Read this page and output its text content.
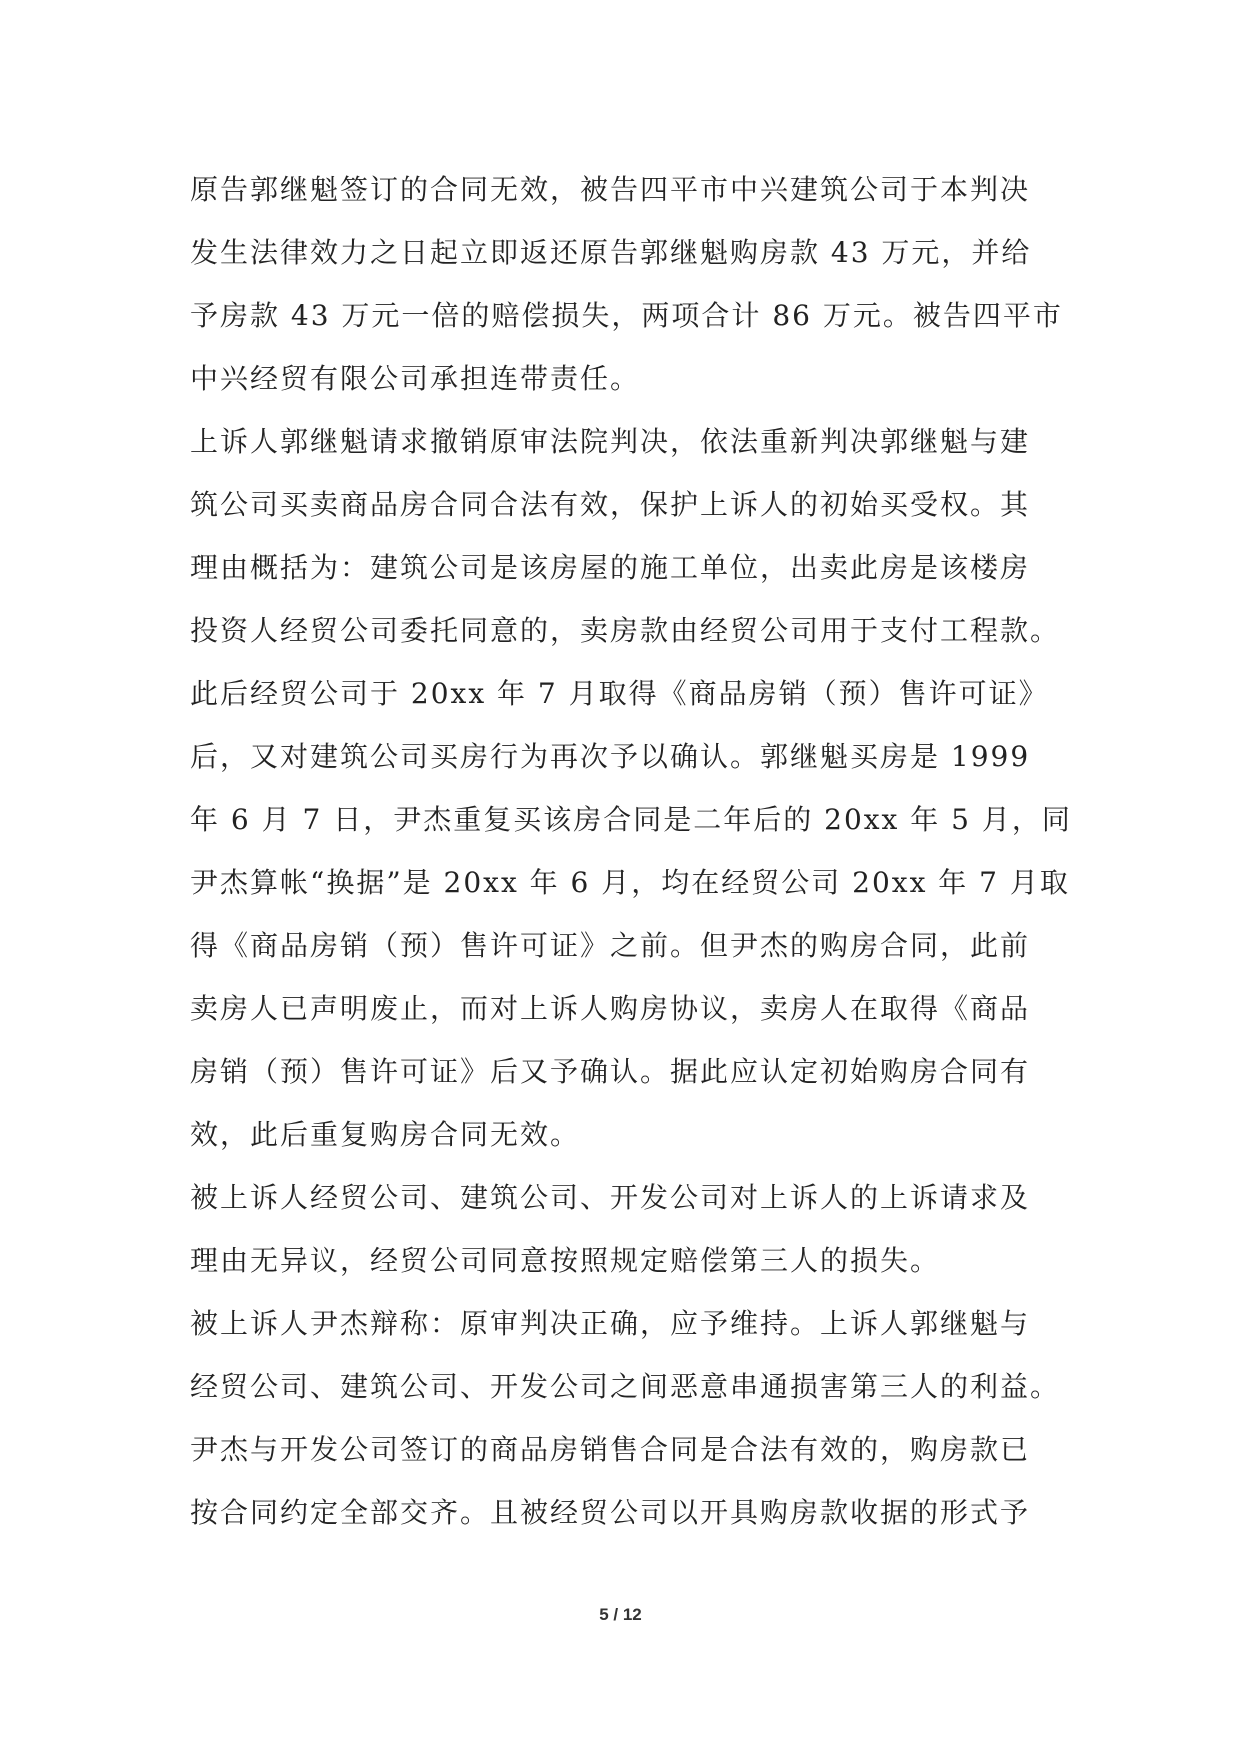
原告郭继魁签订的合同无效，被告四平市中兴建筑公司于本判决
发生法律效力之日起立即返还原告郭继魁购房款 43 万元，并给
予房款 43 万元一倍的赔偿损失，两项合计 86 万元。被告四平市
中兴经贸有限公司承担连带责任。
上诉人郭继魁请求撤销原审法院判决，依法重新判决郭继魁与建
筑公司买卖商品房合同合法有效，保护上诉人的初始买受权。其
理由概括为：建筑公司是该房屋的施工单位，出卖此房是该楼房
投资人经贸公司委托同意的，卖房款由经贸公司用于支付工程款。
此后经贸公司于 20xx 年 7 月取得《商品房销（预）售许可证》
后，又对建筑公司买房行为再次予以确认。郭继魁买房是 1999
年 6 月 7 日，尹杰重复买该房合同是二年后的 20xx 年 5 月，同
尹杰算帐“换据”是 20xx 年 6 月，均在经贸公司 20xx 年 7 月取
得《商品房销（预）售许可证》之前。但尹杰的购房合同，此前
卖房人已声明废止，而对上诉人购房协议，卖房人在取得《商品
房销（预）售许可证》后又予确认。据此应认定初始购房合同有
效，此后重复购房合同无效。
被上诉人经贸公司、建筑公司、开发公司对上诉人的上诉请求及
理由无异议，经贸公司同意按照规定赔偿第三人的损失。
被上诉人尹杰辩称：原审判决正确，应予维持。上诉人郭继魁与
经贸公司、建筑公司、开发公司之间恶意串通损害第三人的利益。
尹杰与开发公司签订的商品房销售合同是合法有效的，购房款已
按合同约定全部交齐。且被经贸公司以开具购房款收据的形式予
5 / 12
